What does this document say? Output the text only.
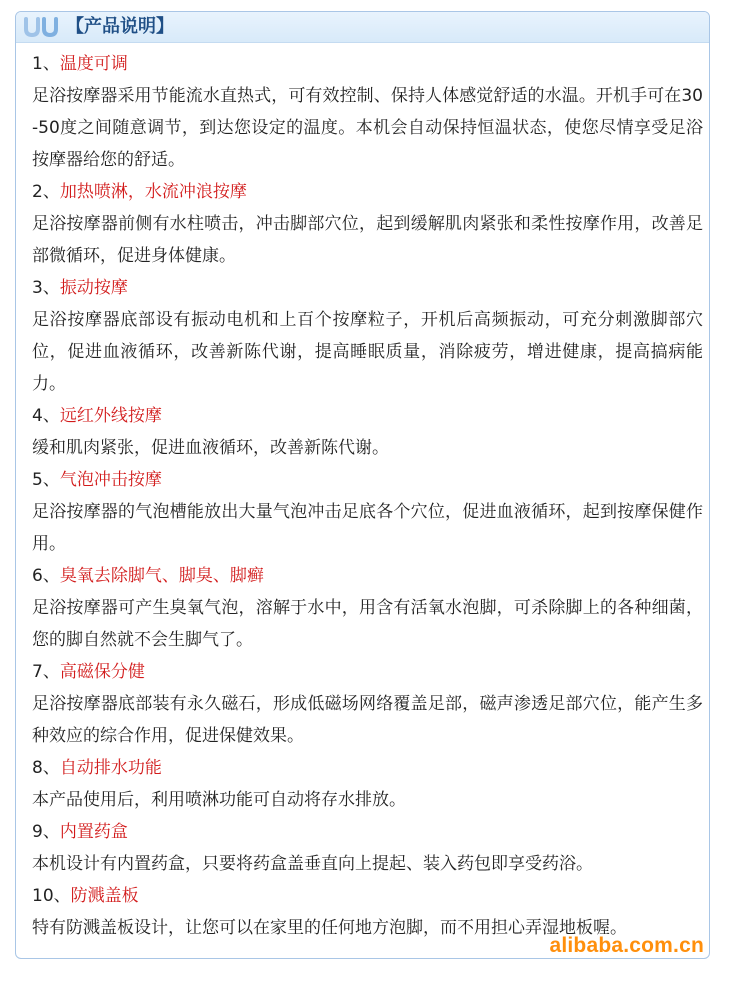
【产品说明】

1、温度可调

足浴按摩器采用节能流水直热式，可有效控制、保持人体感觉舒适的水温。开机手可在30-50度之间随意调节，到达您设定的温度。本机会自动保持恒温状态，使您尽情享受足浴按摩器给您的舒适。

2、加热喷淋，水流冲浪按摩

足浴按摩器前侧有水柱喷击，冲击脚部穴位，起到缓解肌肉紧张和柔性按摩作用，改善足部微循环，促进身体健康。

3、振动按摩

足浴按摩器底部设有振动电机和上百个按摩粒子，开机后高频振动，可充分刺激脚部穴位，促进血液循环，改善新陈代谢，提高睡眠质量，消除疲劳，增进健康，提高搞病能力。

4、远红外线按摩

缓和肌肉紧张，促进血液循环，改善新陈代谢。

5、气泡冲击按摩

足浴按摩器的气泡槽能放出大量气泡冲击足底各个穴位，促进血液循环，起到按摩保健作用。

6、臭氧去除脚气、脚臭、脚癣

足浴按摩器可产生臭氧气泡，溶解于水中，用含有活氧水泡脚，可杀除脚上的各种细菌，您的脚自然就不会生脚气了。

7、高磁保分健

足浴按摩器底部装有永久磁石，形成低磁场网络覆盖足部，磁声渗透足部穴位，能产生多种效应的综合作用，促进保健效果。

8、自动排水功能

本产品使用后，利用喷淋功能可自动将存水排放。

9、内置药盒

本机设计有内置药盒，只要将药盒盖垂直向上提起、装入药包即享受药浴。

10、防溅盖板

特有防溅盖板设计，让您可以在家里的任何地方泡脚，而不用担心弄湿地板喔。

alibaba.com.cn
